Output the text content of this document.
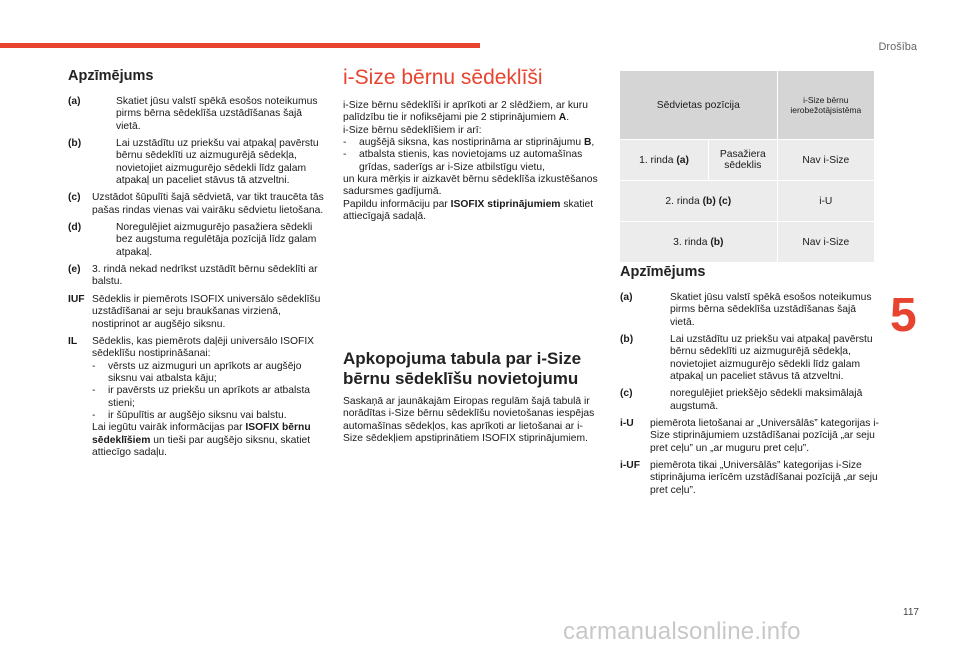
Drošība
Apzīmējums
(a)	Skatiet jūsu valstī spēkā esošos noteikumus pirms bērna sēdeklīša uzstādīšanas šajā vietā.
(b)	Lai uzstādītu uz priekšu vai atpakaļ pavērstu bērnu sēdeklīti uz aizmugurējā sēdekļa, novietojiet aizmugurējo sēdekli līdz galam atpakaļ un paceliet stāvus tā atzveltni.
(c)	Uzstādot šūpulīti šajā sēdvietā, var tikt traucēta tās pašas rindas vienas vai vairāku sēdvietu lietošana.
(d)	Noregulējiet aizmugurējo pasažiera sēdekli bez augstuma regulētāja pozīcijā līdz galam atpakaļ.
(e)	3. rindā nekad nedrīkst uzstādīt bērnu sēdeklīti ar balstu.
IUF Sēdeklis ir piemērots ISOFIX universālo sēdeklīšu uzstādīšanai ar seju braukšanas virzienā, nostiprinot ar augšējo siksnu.
IL	Sēdeklis, kas piemērots daļēji universālo ISOFIX sēdeklīšu nostiprināšanai:
-	vērsts uz aizmuguri un aprīkots ar augšējo siksnu vai atbalsta kāju;
-	ir pavērsts uz priekšu un aprīkots ar atbalsta stieni;
-	ir šūpulītis ar augšējo siksnu vai balstu.
Lai iegūtu vairāk informācijas par ISOFIX bērnu sēdeklīšiem un tieši par augšējo siksnu, skatiet attiecīgo sadaļu.
i-Size bērnu sēdeklīši
i-Size bērnu sēdeklīši ir aprīkoti ar 2 slēdžiem, ar kuru palīdzību tie ir nofiksējami pie 2 stiprinājumiem A.
i-Size bērnu sēdeklīšiem ir arī:
-	augšējā siksna, kas nostiprināma ar stiprinājumu B,
-	atbalsta stienis, kas novietojams uz automašīnas grīdas, saderīgs ar i-Size atbilstīgu vietu,
un kura mērķis ir aizkavēt bērnu sēdeklīša izkustēšanos sadursmes gadījumā.
Papildu informāciju par ISOFIX stiprinājumiem skatiet attiecīgajā sadaļā.
Apkopojuma tabula par i-Size bērnu sēdeklīšu novietojumu
Saskaņā ar jaunākajām Eiropas regulām šajā tabulā ir norādītas i-Size bērnu sēdeklīšu novietošanas iespējas automašīnas sēdekļos, kas aprīkoti ar lietošanai ar i-Size sēdekļiem apstiprinātiem ISOFIX stiprinājumiem.
Sēdvietas pozīcija		i-Size bērnu ierobežotājsistēma
1. rinda (a)	Pasažiera sēdeklis	Nav i-Size
2. rinda (b) (c)		i-U
3. rinda (b)		Nav i-Size
Apzīmējums
(a)	Skatiet jūsu valstī spēkā esošos noteikumus pirms bērna sēdeklīša uzstādīšanas šajā vietā.
(b)	Lai uzstādītu uz priekšu vai atpakaļ pavērstu bērnu sēdeklīti uz aizmugurējā sēdekļa, novietojiet aizmugurējo sēdekli līdz galam atpakaļ un paceliet stāvus tā atzveltni.
(c)	noregulējiet priekšējo sēdekli maksimālajā augstumā.
i-U	piemērota lietošanai ar „Universālās” kategorijas i-Size stiprinājumiem uzstādīšanai pozīcijā „ar seju pret ceļu” un „ar muguru pret ceļu”.
i-UF piemērota tikai „Universālās” kategorijas i-Size stiprinājuma ierīcēm uzstādīšanai pozīcijā „ar seju pret ceļu”.
5
117
carmanualsonline.info
